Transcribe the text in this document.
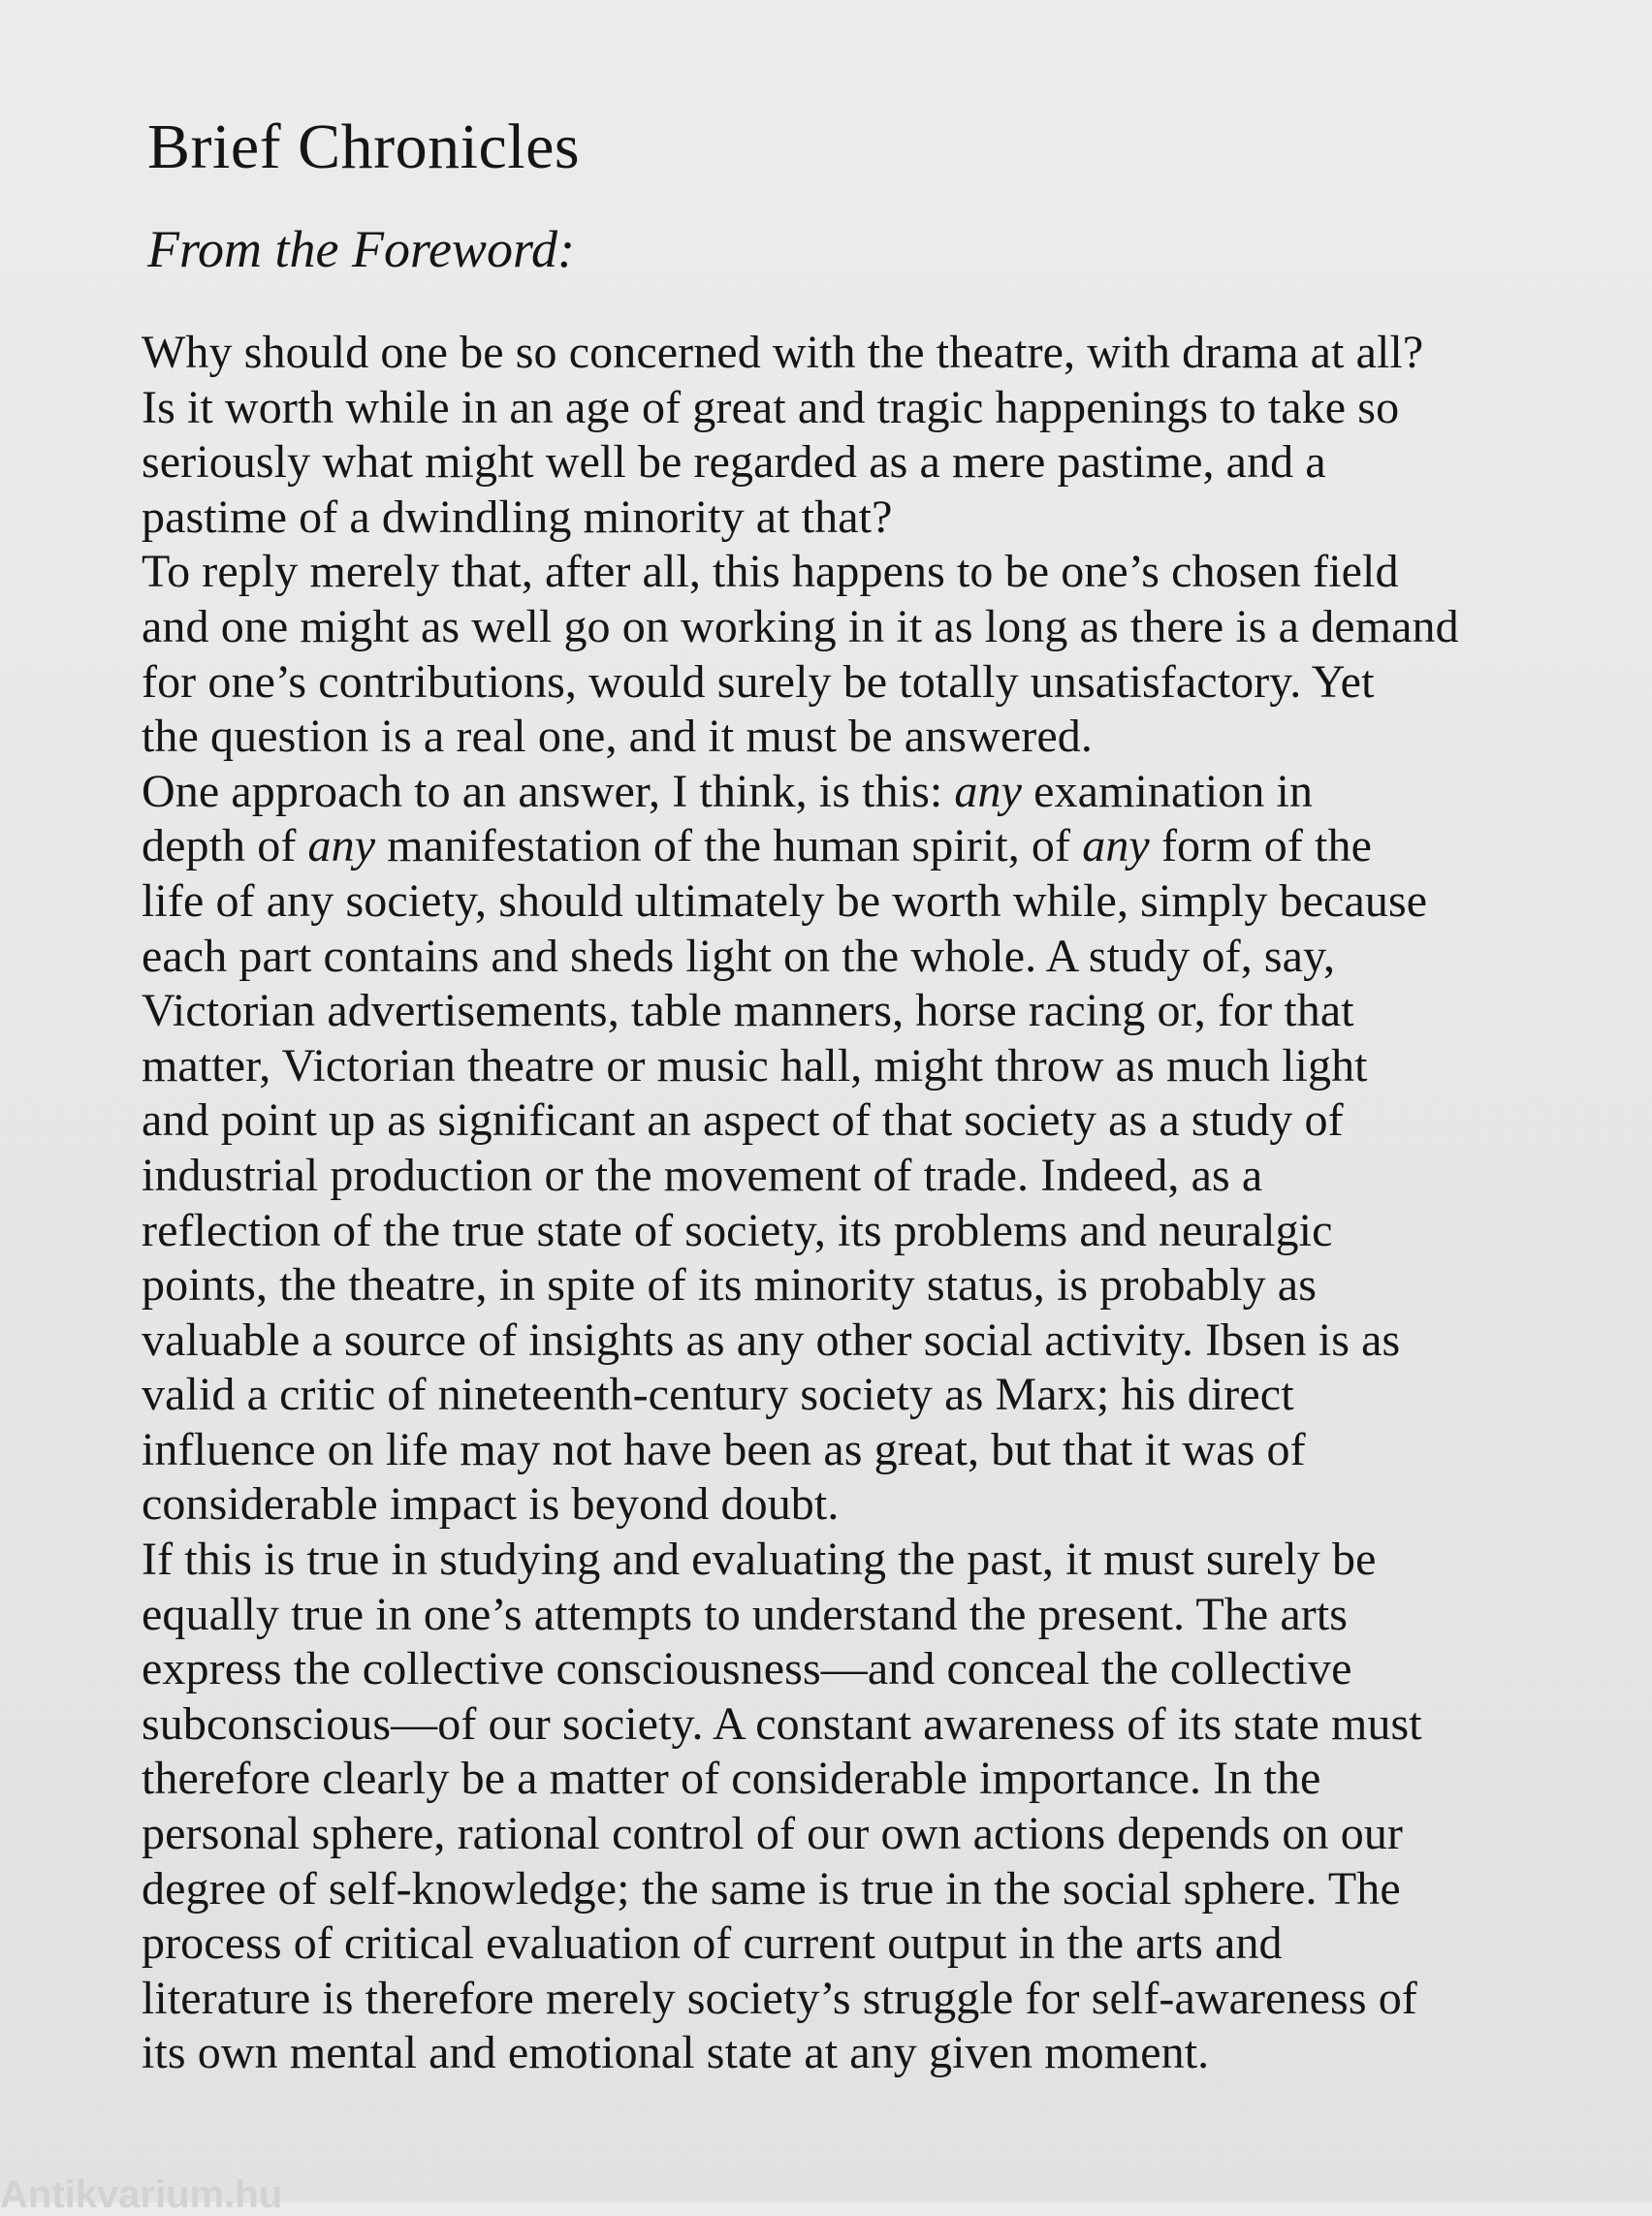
Brief Chronicles
From the Foreword:
Why should one be so concerned with the theatre, with drama at all?
Is it worth while in an age of great and tragic happenings to take so
seriously what might well be regarded as a mere pastime, and a
pastime of a dwindling minority at that?
To reply merely that, after all, this happens to be one’s chosen field
and one might as well go on working in it as long as there is a demand
for one’s contributions, would surely be totally unsatisfactory. Yet
the question is a real one, and it must be answered.
One approach to an answer, I think, is this: any examination in
depth of any manifestation of the human spirit, of any form of the
life of any society, should ultimately be worth while, simply because
each part contains and sheds light on the whole. A study of, say,
Victorian advertisements, table manners, horse racing or, for that
matter, Victorian theatre or music hall, might throw as much light
and point up as significant an aspect of that society as a study of
industrial production or the movement of trade. Indeed, as a
reflection of the true state of society, its problems and neuralgic
points, the theatre, in spite of its minority status, is probably as
valuable a source of insights as any other social activity. Ibsen is as
valid a critic of nineteenth-century society as Marx; his direct
influence on life may not have been as great, but that it was of
considerable impact is beyond doubt.
If this is true in studying and evaluating the past, it must surely be
equally true in one’s attempts to understand the present. The arts
express the collective consciousness—and conceal the collective
subconscious—of our society. A constant awareness of its state must
therefore clearly be a matter of considerable importance. In the
personal sphere, rational control of our own actions depends on our
degree of self-knowledge; the same is true in the social sphere. The
process of critical evaluation of current output in the arts and
literature is therefore merely society’s struggle for self-awareness of
its own mental and emotional state at any given moment.
Antikvarium.hu
